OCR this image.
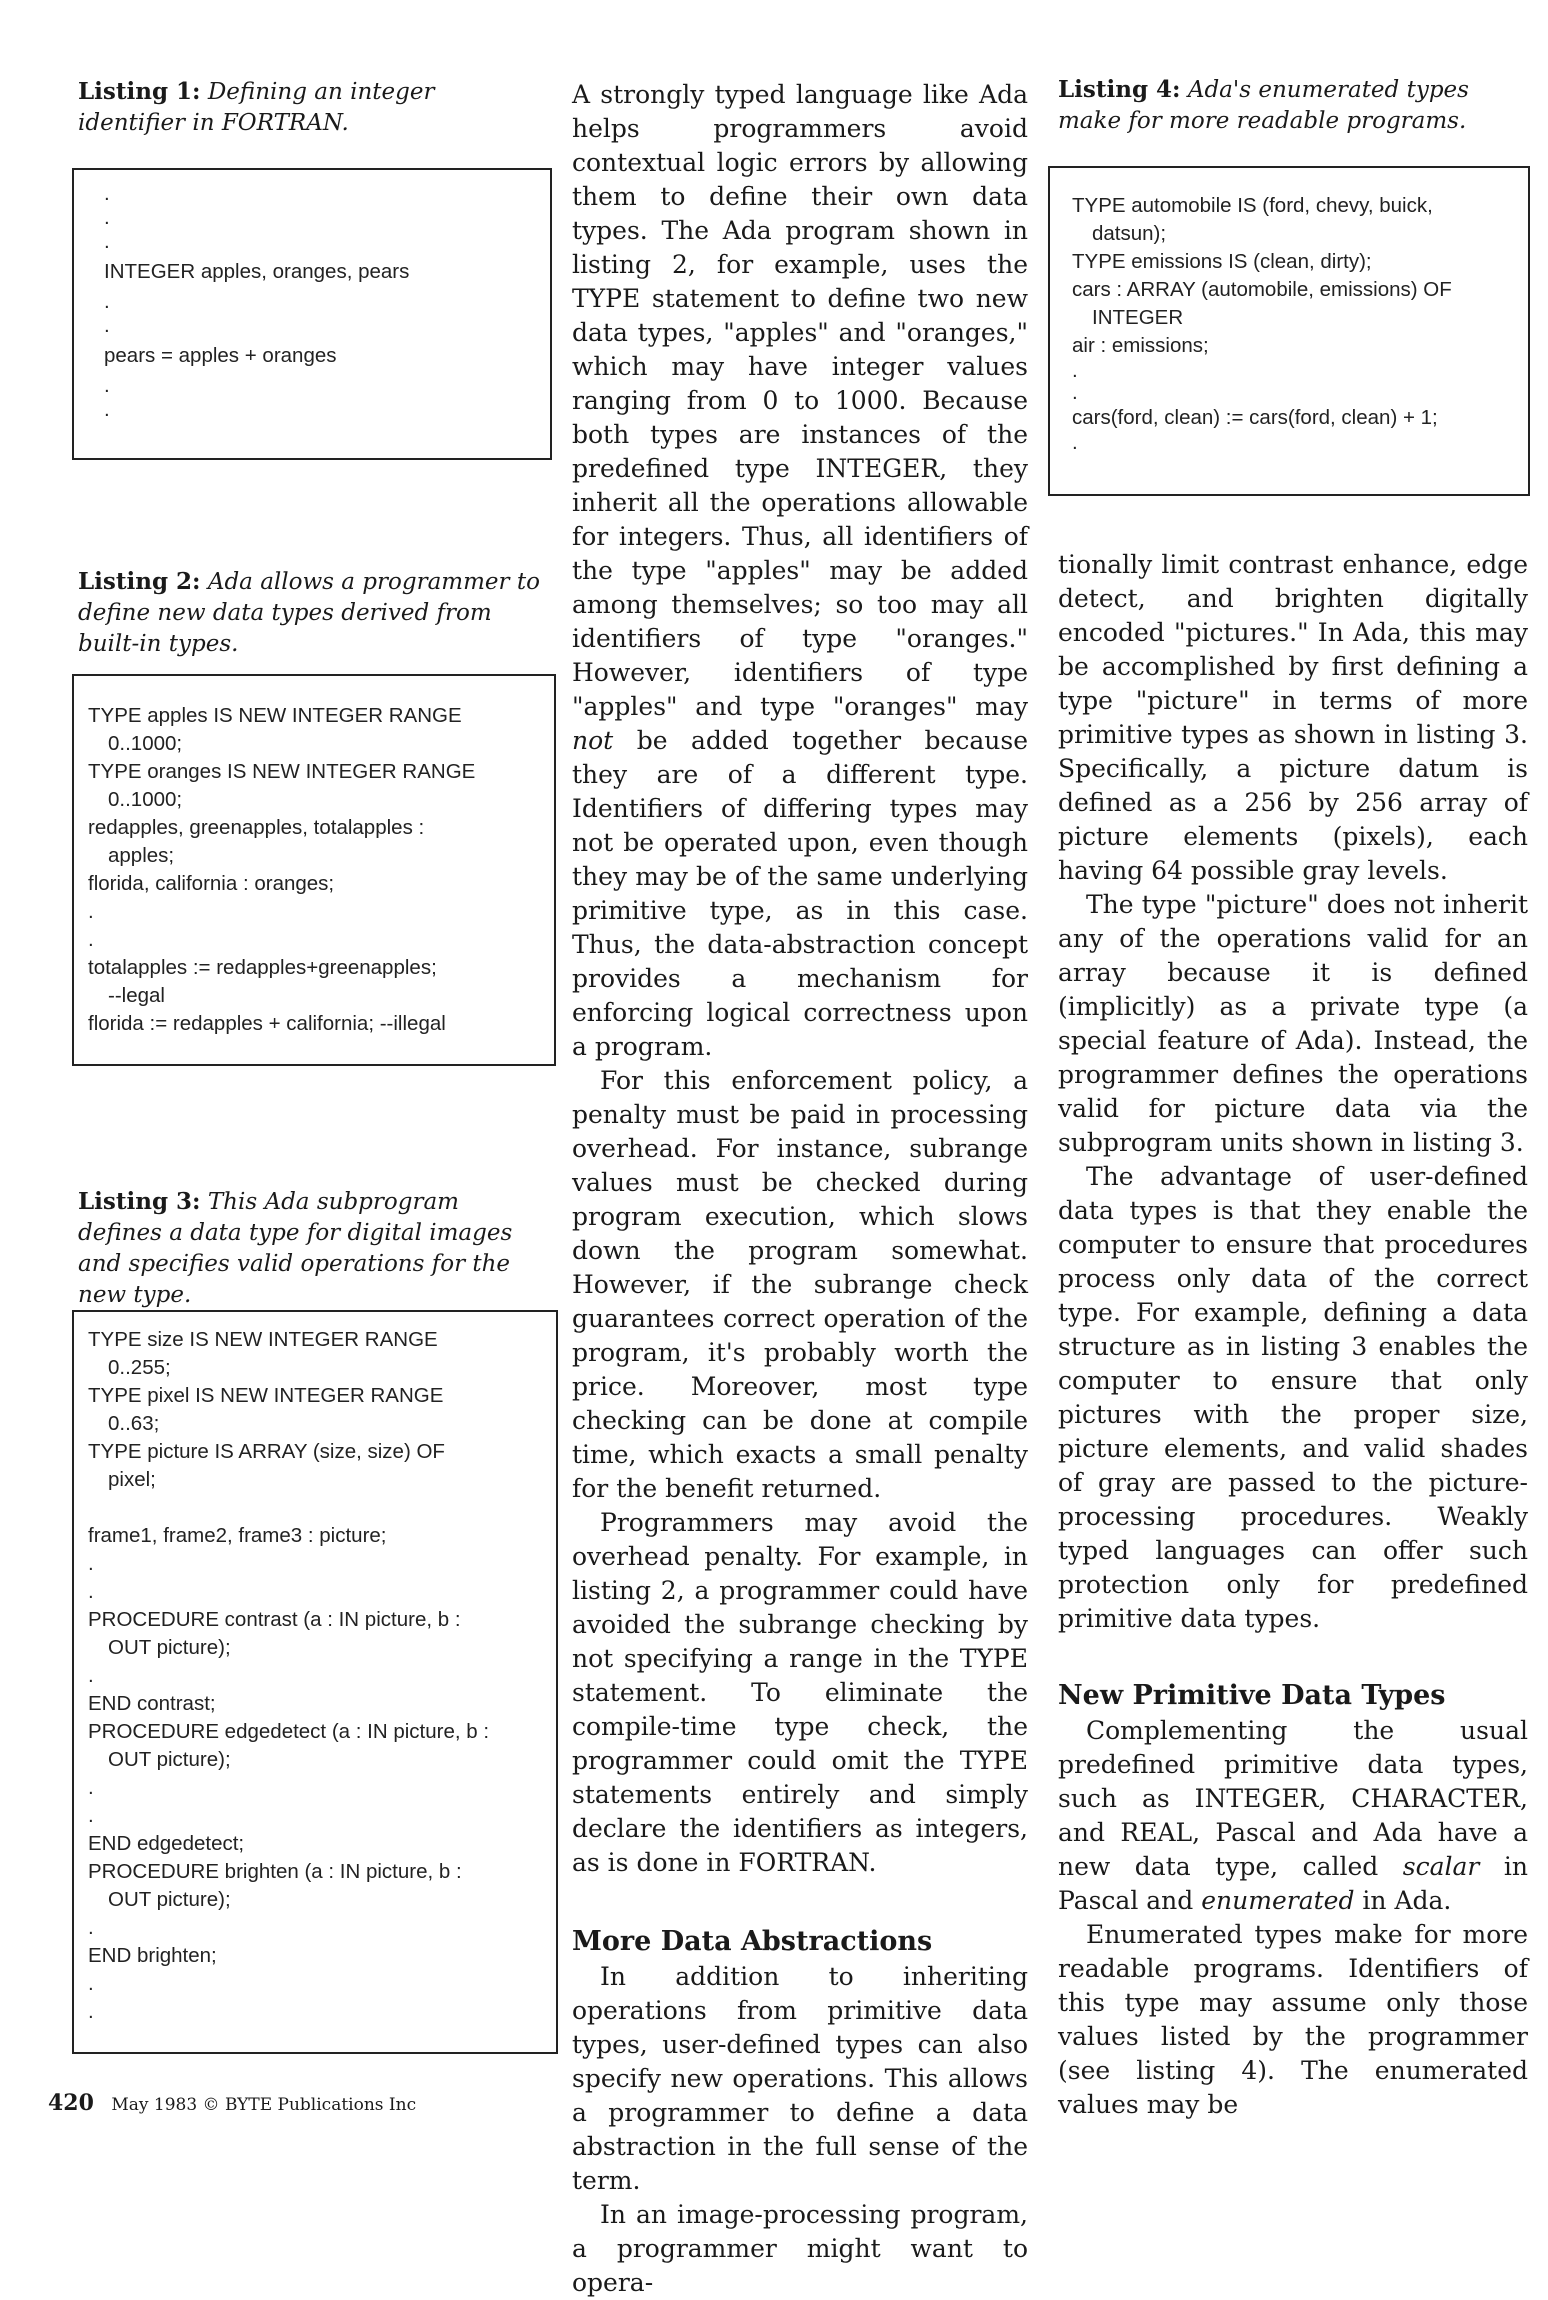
Listing 1: Defining an integer identifier in FORTRAN.
.
.
.
INTEGER apples, oranges, pears
.
.
pears = apples + oranges
.
.
Listing 2: Ada allows a programmer to define new data types derived from built-in types.
TYPE apples IS NEW INTEGER RANGE
0..1000;
TYPE oranges IS NEW INTEGER RANGE
0..1000;
redapples, greenapples, totalapples :
apples;
florida, california : oranges;
.
.
totalapples := redapples+greenapples;
--legal
florida := redapples + california; --illegal
Listing 3: This Ada subprogram defines a data type for digital images and specifies valid operations for the new type.
TYPE size IS NEW INTEGER RANGE
0..255;
TYPE pixel IS NEW INTEGER RANGE
0..63;
TYPE picture IS ARRAY (size, size) OF
pixel;
frame1, frame2, frame3 : picture;
.
.
PROCEDURE contrast (a : IN picture, b :
OUT picture);
.
END contrast;
PROCEDURE edgedetect (a : IN picture, b :
OUT picture);
.
.
END edgedetect;
PROCEDURE brighten (a : IN picture, b :
OUT picture);
.
END brighten;
.
.

A strongly typed language like Ada helps programmers avoid contextual logic errors by allowing them to define their own data types. The Ada program shown in listing 2, for example, uses the TYPE statement to define two new data types, "apples" and "oranges," which may have integer values ranging from 0 to 1000. Because both types are instances of the predefined type INTEGER, they inherit all the operations allowable for integers. Thus, all identifiers of the type "apples" may be added among themselves; so too may all identifiers of type "oranges." However, identifiers of type "apples" and type "oranges" may not be added together because they are of a different type. Identifiers of differing types may not be operated upon, even though they may be of the same underlying primitive type, as in this case. Thus, the data-abstraction concept provides a mechanism for enforcing logical correctness upon a program.

For this enforcement policy, a penalty must be paid in processing overhead. For instance, subrange values must be checked during program execution, which slows down the program somewhat. However, if the subrange check guarantees correct operation of the program, it's probably worth the price. Moreover, most type checking can be done at compile time, which exacts a small penalty for the benefit returned.

Programmers may avoid the overhead penalty. For example, in listing 2, a programmer could have avoided the subrange checking by not specifying a range in the TYPE statement. To eliminate the compile-time type check, the programmer could omit the TYPE statements entirely and simply declare the identifiers as integers, as is done in FORTRAN.

More Data Abstractions

In addition to inheriting operations from primitive data types, user-defined types can also specify new operations. This allows a programmer to define a data abstraction in the full sense of the term.

In an image-processing program, a programmer might want to opera-

Listing 4: Ada's enumerated types make for more readable programs.
TYPE automobile IS (ford, chevy, buick,
datsun);
TYPE emissions IS (clean, dirty);
cars : ARRAY (automobile, emissions) OF
INTEGER
air : emissions;
.
.
cars(ford, clean) := cars(ford, clean) + 1;
.

tionally limit contrast enhance, edge detect, and brighten digitally encoded "pictures." In Ada, this may be accomplished by first defining a type "picture" in terms of more primitive types as shown in listing 3. Specifically, a picture datum is defined as a 256 by 256 array of picture elements (pixels), each having 64 possible gray levels.

The type "picture" does not inherit any of the operations valid for an array because it is defined (implicitly) as a private type (a special feature of Ada). Instead, the programmer defines the operations valid for picture data via the subprogram units shown in listing 3.

The advantage of user-defined data types is that they enable the computer to ensure that procedures process only data of the correct type. For example, defining a data structure as in listing 3 enables the computer to ensure that only pictures with the proper size, picture elements, and valid shades of gray are passed to the picture-processing procedures. Weakly typed languages can offer such protection only for predefined primitive data types.

New Primitive Data Types

Complementing the usual predefined primitive data types, such as INTEGER, CHARACTER, and REAL, Pascal and Ada have a new data type, called scalar in Pascal and enumerated in Ada.

Enumerated types make for more readable programs. Identifiers of this type may assume only those values listed by the programmer (see listing 4). The enumerated values may be

420 May 1983 © BYTE Publications Inc
